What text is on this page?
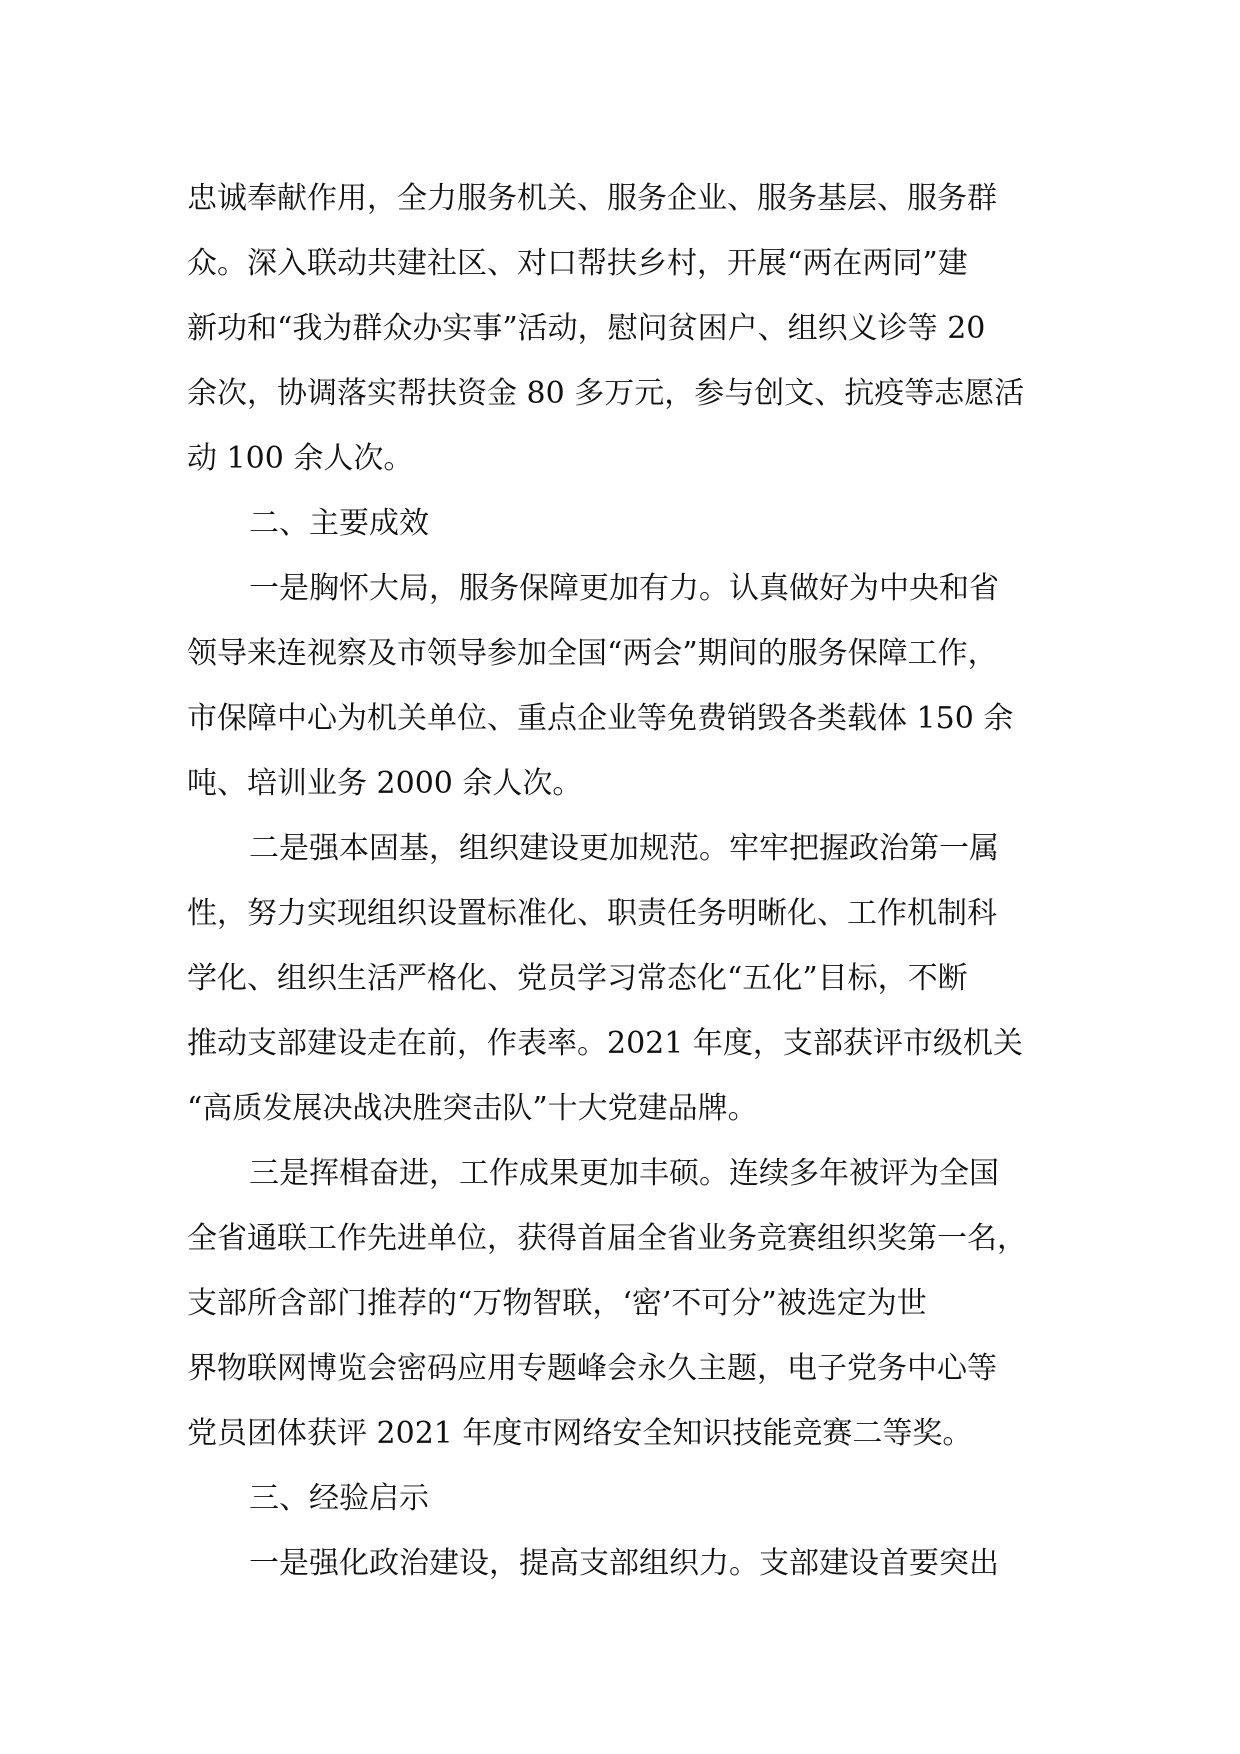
忠诚奉献作用，全力服务机关、服务企业、服务基层、服务群
众。深入联动共建社区、对口帮扶乡村，开展“两在两同”建
新功和“我为群众办实事”活动，慰问贫困户、组织义诊等 20
余次，协调落实帮扶资金 80 多万元，参与创文、抗疫等志愿活
动 100 余人次。
二、主要成效
一是胸怀大局，服务保障更加有力。认真做好为中央和省
领导来连视察及市领导参加全国“两会”期间的服务保障工作，
市保障中心为机关单位、重点企业等免费销毁各类载体 150 余
吨、培训业务 2000 余人次。
二是强本固基，组织建设更加规范。牢牢把握政治第一属
性，努力实现组织设置标准化、职责任务明晰化、工作机制科
学化、组织生活严格化、党员学习常态化“五化”目标，不断
推动支部建设走在前，作表率。2021 年度，支部获评市级机关
“高质发展决战决胜突击队”十大党建品牌。
三是挥楫奋进，工作成果更加丰硕。连续多年被评为全国
全省通联工作先进单位，获得首届全省业务竞赛组织奖第一名，
支部所含部门推荐的“万物智联，‘密’不可分”被选定为世
界物联网博览会密码应用专题峰会永久主题，电子党务中心等
党员团体获评 2021 年度市网络安全知识技能竞赛二等奖。
三、经验启示
一是强化政治建设，提高支部组织力。支部建设首要突出
